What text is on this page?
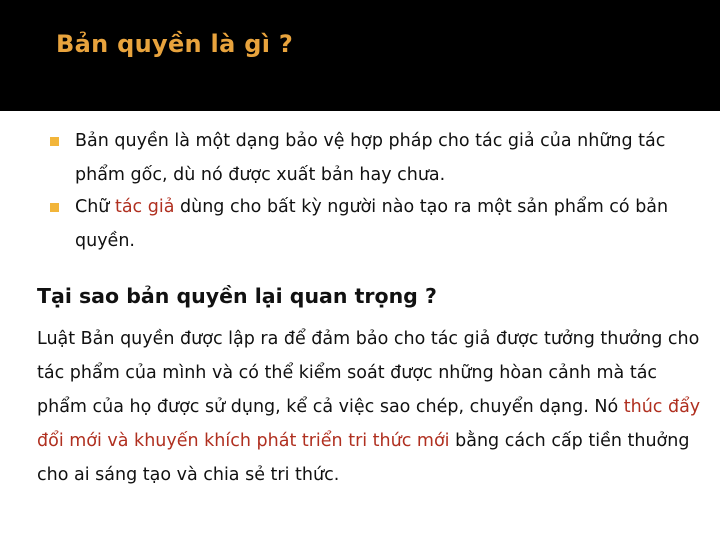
Bản quyền là gì ?
Bản quyền là một dạng bảo vệ hợp pháp cho tác giả của những tác phẩm gốc, dù nó được xuất bản hay chưa.
Chữ tác giả dùng cho bất kỳ người nào tạo ra một sản phẩm có bản quyền.
Tại sao bản quyền lại quan trọng ?

Luật Bản quyền được lập ra để đảm bảo cho tác giả được tưởng thưởng cho tác phẩm của mình và có thể kiểm soát được những hòan cảnh mà tác phẩm của họ được sử dụng, kể cả việc sao chép, chuyển dạng. Nó thúc đẩy đổi mới và khuyến khích phát triển tri thức mới bằng cách cấp tiền thuởng cho ai sáng tạo và chia sẻ tri thức.
